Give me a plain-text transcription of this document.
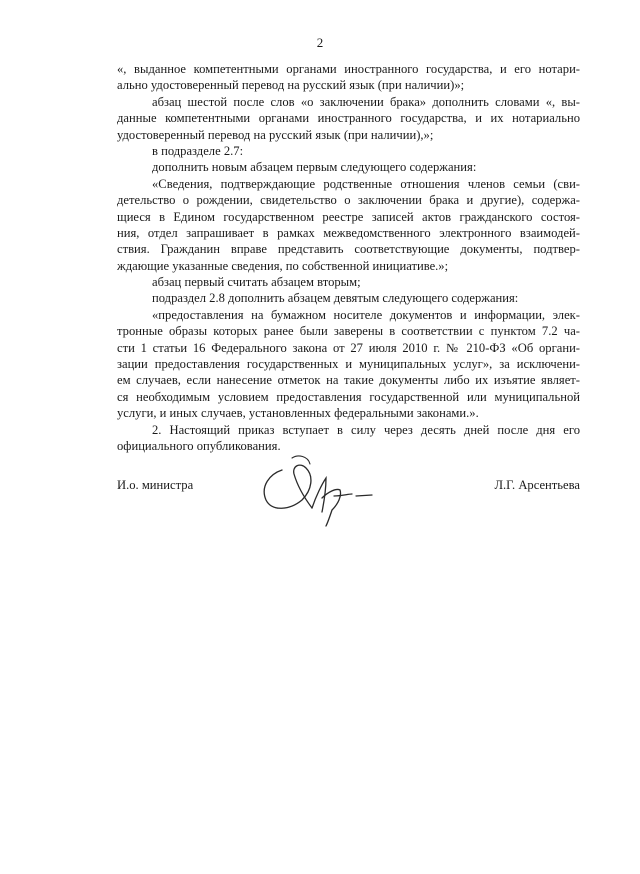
2
«, выданное компетентными органами иностранного государства, и его нотари-
ально удостоверенный перевод на русский язык (при наличии)»;
абзац шестой после слов «о заключении брака» дополнить словами «, вы-
данные компетентными органами иностранного государства, и их нотариально
удостоверенный перевод на русский язык (при наличии),»;
в подразделе 2.7:
дополнить новым абзацем первым следующего содержания:
«Сведения, подтверждающие родственные отношения членов семьи (сви-
детельство о рождении, свидетельство о заключении брака и другие), содержа-
щиеся в Едином государственном реестре записей актов гражданского состоя-
ния, отдел запрашивает в рамках межведомственного электронного взаимодей-
ствия. Гражданин вправе представить соответствующие документы, подтвер-
ждающие указанные сведения, по собственной инициативе.»;
абзац первый считать абзацем вторым;
подраздел 2.8 дополнить абзацем девятым следующего содержания:
«предоставления на бумажном носителе документов и информации, элек-
тронные образы которых ранее были заверены в соответствии с пунктом 7.2 ча-
сти 1 статьи 16 Федерального закона от 27 июля 2010 г. № 210-ФЗ «Об органи-
зации предоставления государственных и муниципальных услуг», за исключени-
ем случаев, если нанесение отметок на такие документы либо их изъятие являет-
ся необходимым условием предоставления государственной или муниципальной
услуги, и иных случаев, установленных федеральными законами.».
2. Настоящий приказ вступает в силу через десять дней после дня его
официального опубликования.
И.о. министра	Л.Г. Арсентьева
